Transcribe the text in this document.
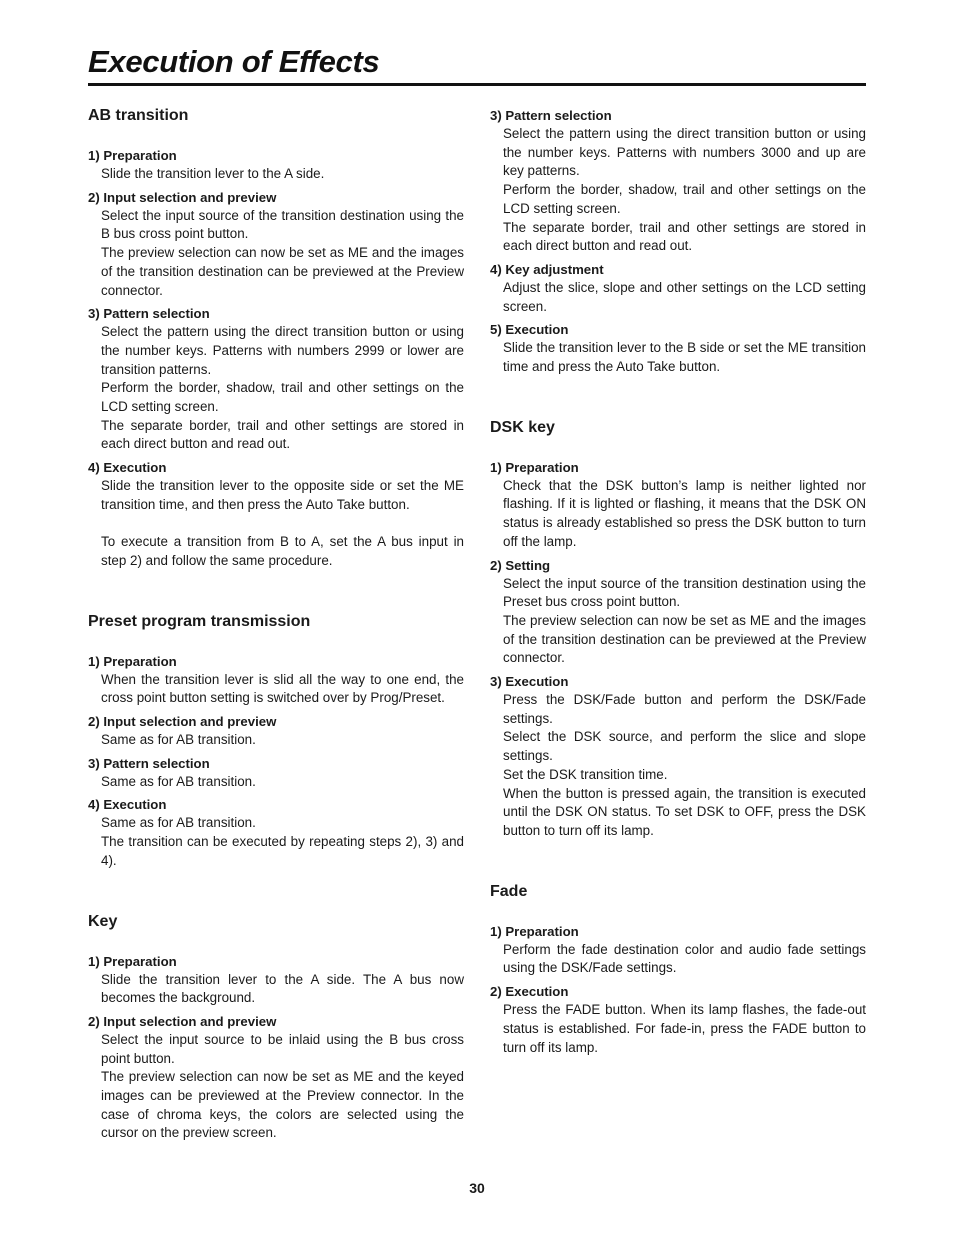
Execution of Effects
AB transition

1) Preparation

Slide the transition lever to the A side.

2) Input selection and preview

Select the input source of the transition destination using the B bus cross point button.

The preview selection can now be set as ME and the images of the transition destination can be previewed at the Preview connector.

3) Pattern selection

Select the pattern using the direct transition button or using the number keys. Patterns with numbers 2999 or lower are transition patterns.

Perform the border, shadow, trail and other settings on the LCD setting screen.

The separate border, trail and other settings are stored in each direct button and read out.

4) Execution

Slide the transition lever to the opposite side or set the ME transition time, and then press the Auto Take button.

To execute a transition from B to A, set the A bus input in step 2) and follow the same procedure.

Preset program transmission

1) Preparation

When the transition lever is slid all the way to one end, the cross point button setting is switched over by Prog/Preset.

2) Input selection and preview

Same as for AB transition.

3) Pattern selection

Same as for AB transition.

4) Execution

Same as for AB transition.

The transition can be executed by repeating steps 2), 3) and 4).

Key

1) Preparation

Slide the transition lever to the A side. The A bus now becomes the background.

2) Input selection and preview

Select the input source to be inlaid using the B bus cross point button.

The preview selection can now be set as ME and the keyed images can be previewed at the Preview connector. In the case of chroma keys, the colors are selected using the cursor on the preview screen.

3) Pattern selection

Select the pattern using the direct transition button or using the number keys. Patterns with numbers 3000 and up are key patterns.

Perform the border, shadow, trail and other settings on the LCD setting screen.

The separate border, trail and other settings are stored in each direct button and read out.

4) Key adjustment

Adjust the slice, slope and other settings on the LCD setting screen.

5) Execution

Slide the transition lever to the B side or set the ME transition time and press the Auto Take button.

DSK key

1) Preparation

Check that the DSK button’s lamp is neither lighted nor flashing. If it is lighted or flashing, it means that the DSK ON status is already established so press the DSK button to turn off the lamp.

2) Setting

Select the input source of the transition destination using the Preset bus cross point button.

The preview selection can now be set as ME and the images of the transition destination can be previewed at the Preview connector.

3) Execution

Press the DSK/Fade button and perform the DSK/Fade settings.

Select the DSK source, and perform the slice and slope settings.

Set the DSK transition time.

When the button is pressed again, the transition is executed until the DSK ON status. To set DSK to OFF, press the DSK button to turn off its lamp.

Fade

1) Preparation

Perform the fade destination color and audio fade settings using the DSK/Fade settings.

2) Execution

Press the FADE button. When its lamp flashes, the fade-out status is established. For fade-in, press the FADE button to turn off its lamp.

30
